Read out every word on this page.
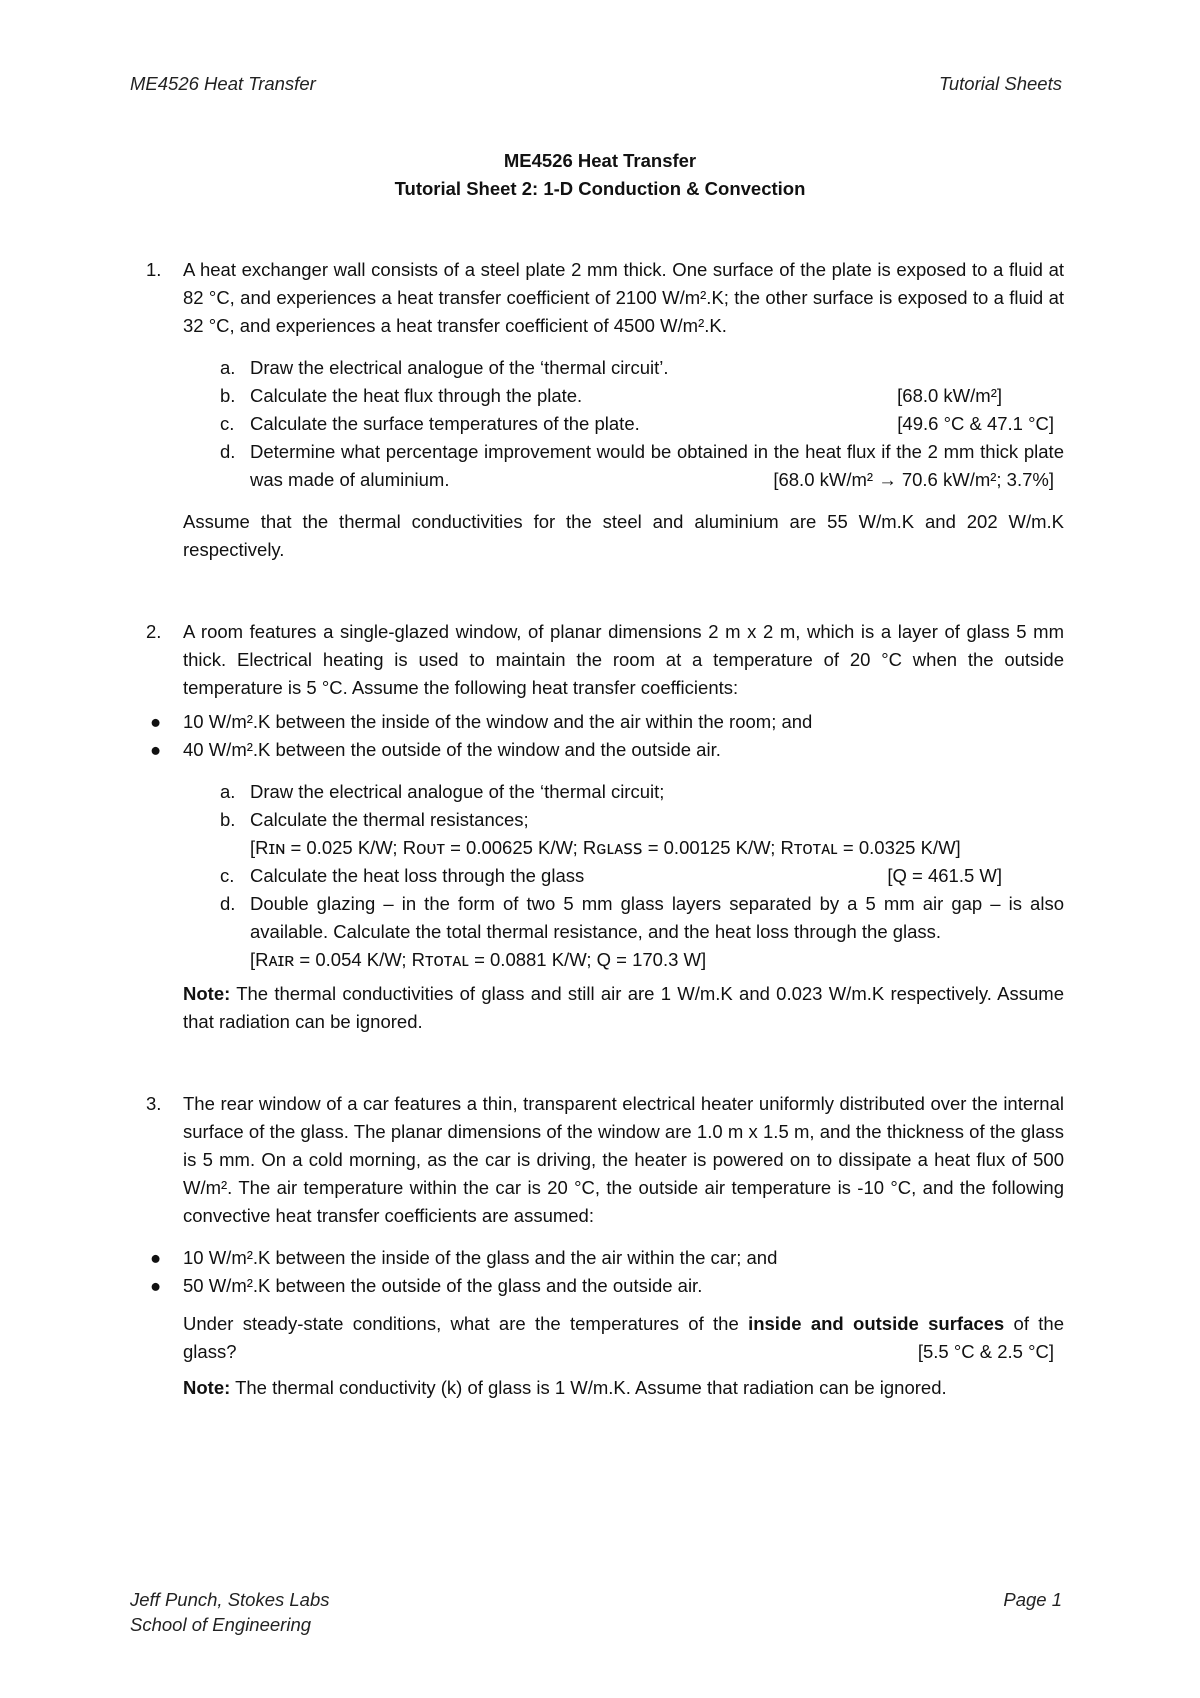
ME4526 Heat Transfer	Tutorial Sheets
ME4526 Heat Transfer
Tutorial Sheet 2: 1-D Conduction & Convection
1. A heat exchanger wall consists of a steel plate 2 mm thick. One surface of the plate is exposed to a fluid at 82 °C, and experiences a heat transfer coefficient of 2100 W/m².K; the other surface is exposed to a fluid at 32 °C, and experiences a heat transfer coefficient of 4500 W/m².K.
a. Draw the electrical analogue of the ‘thermal circuit’.
b. Calculate the heat flux through the plate.	[68.0 kW/m²]
c. Calculate the surface temperatures of the plate.	[49.6 °C & 47.1 °C]
d. Determine what percentage improvement would be obtained in the heat flux if the 2 mm thick plate was made of aluminium.	[68.0 kW/m² → 70.6 kW/m²; 3.7%]
Assume that the thermal conductivities for the steel and aluminium are 55 W/m.K and 202 W/m.K respectively.
2. A room features a single-glazed window, of planar dimensions 2 m x 2 m, which is a layer of glass 5 mm thick. Electrical heating is used to maintain the room at a temperature of 20 °C when the outside temperature is 5 °C. Assume the following heat transfer coefficients:
● 10 W/m².K between the inside of the window and the air within the room; and
● 40 W/m².K between the outside of the window and the outside air.
a. Draw the electrical analogue of the ‘thermal circuit;
b. Calculate the thermal resistances;
[Rɪɴ = 0.025 K/W; Rᴏᴜᴛ = 0.00625 K/W; Rɢʟᴀꜱꜱ = 0.00125 K/W; Rᴛᴏᴛᴀʟ = 0.0325 K/W]
c. Calculate the heat loss through the glass	[Q = 461.5 W]
d. Double glazing – in the form of two 5 mm glass layers separated by a 5 mm air gap – is also available. Calculate the total thermal resistance, and the heat loss through the glass.
[Rᴀɪʀ = 0.054 K/W; Rᴛᴏᴛᴀʟ = 0.0881 K/W; Q = 170.3 W]
Note: The thermal conductivities of glass and still air are 1 W/m.K and 0.023 W/m.K respectively. Assume that radiation can be ignored.
3. The rear window of a car features a thin, transparent electrical heater uniformly distributed over the internal surface of the glass. The planar dimensions of the window are 1.0 m x 1.5 m, and the thickness of the glass is 5 mm. On a cold morning, as the car is driving, the heater is powered on to dissipate a heat flux of 500 W/m². The air temperature within the car is 20 °C, the outside air temperature is -10 °C, and the following convective heat transfer coefficients are assumed:
● 10 W/m².K between the inside of the glass and the air within the car; and
● 50 W/m².K between the outside of the glass and the outside air.
Under steady-state conditions, what are the temperatures of the inside and outside surfaces of the glass?	[5.5 °C & 2.5 °C]
Note: The thermal conductivity (k) of glass is 1 W/m.K. Assume that radiation can be ignored.
Jeff Punch, Stokes Labs	Page 1
School of Engineering
